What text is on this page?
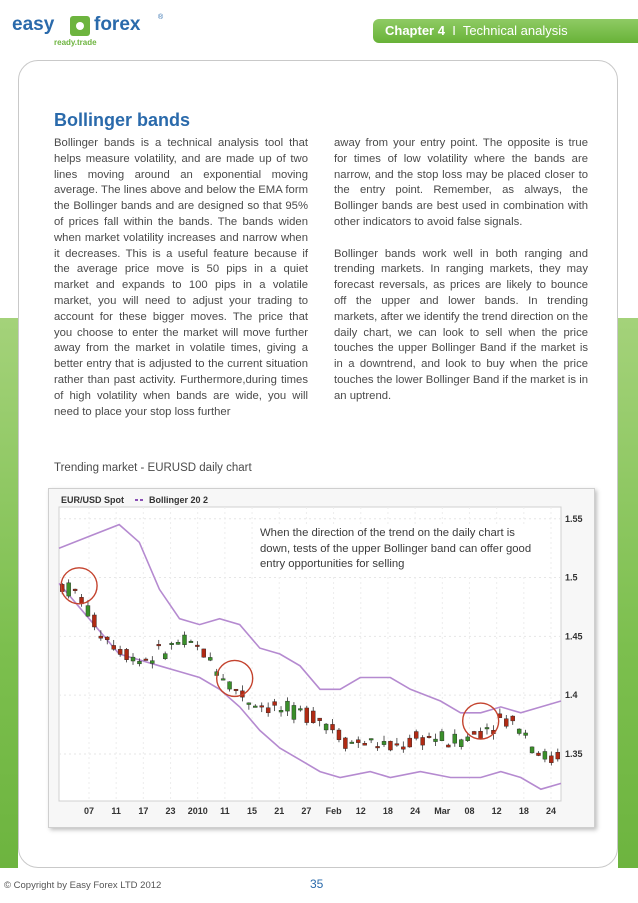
easy forex	®
ready.trade
Chapter 4 I Technical analysis
Bollinger bands

Bollinger bands is a technical analysis tool that helps measure volatility, and are made up of two lines moving around an exponential moving average. The lines above and below the EMA form the Bollinger bands and are designed so that 95% of prices fall within the bands. The bands widen when market volatility increases and narrow when it decreases. This is a useful feature because if the average price move is 50 pips in a quiet market and expands to 100 pips in a volatile market, you will need to adjust your trading to account for these bigger moves. The price that you choose to enter the market will move further away from the market in volatile times, giving a better entry that is adjusted to the current situation rather than past activity. Furthermore,during times of high volatility when bands are wide, you will need to place your stop loss further

away from your entry point. The opposite is true for times of low volatility where the bands are narrow, and the stop loss may be placed closer to the entry point. Remember, as always, the Bollinger bands are best used in combination with other indicators to avoid false signals.

Bollinger bands work well in both ranging and trending markets. In ranging markets, they may forecast reversals, as prices are likely to bounce off the upper and lower bands. In trending markets, after we identify the trend direction on the daily chart, we can look to sell when the price touches the upper Bollinger Band if the market is in a downtrend, and look to buy when the price touches the lower Bollinger Band if the market is in an uptrend.

Trending market - EURUSD daily chart
EUR/USD Spot	Bollinger 20 2
1.55
1.5
1.45
1.4
1.35
07 11 17 23 2010 11 15 21 27 Feb 12 18 24 Mar 08 12 18 24
When the direction of the trend on the daily chart is down, tests of the upper Bollinger band can offer good entry opportunities for selling
© Copyright by Easy Forex LTD 2012	35
